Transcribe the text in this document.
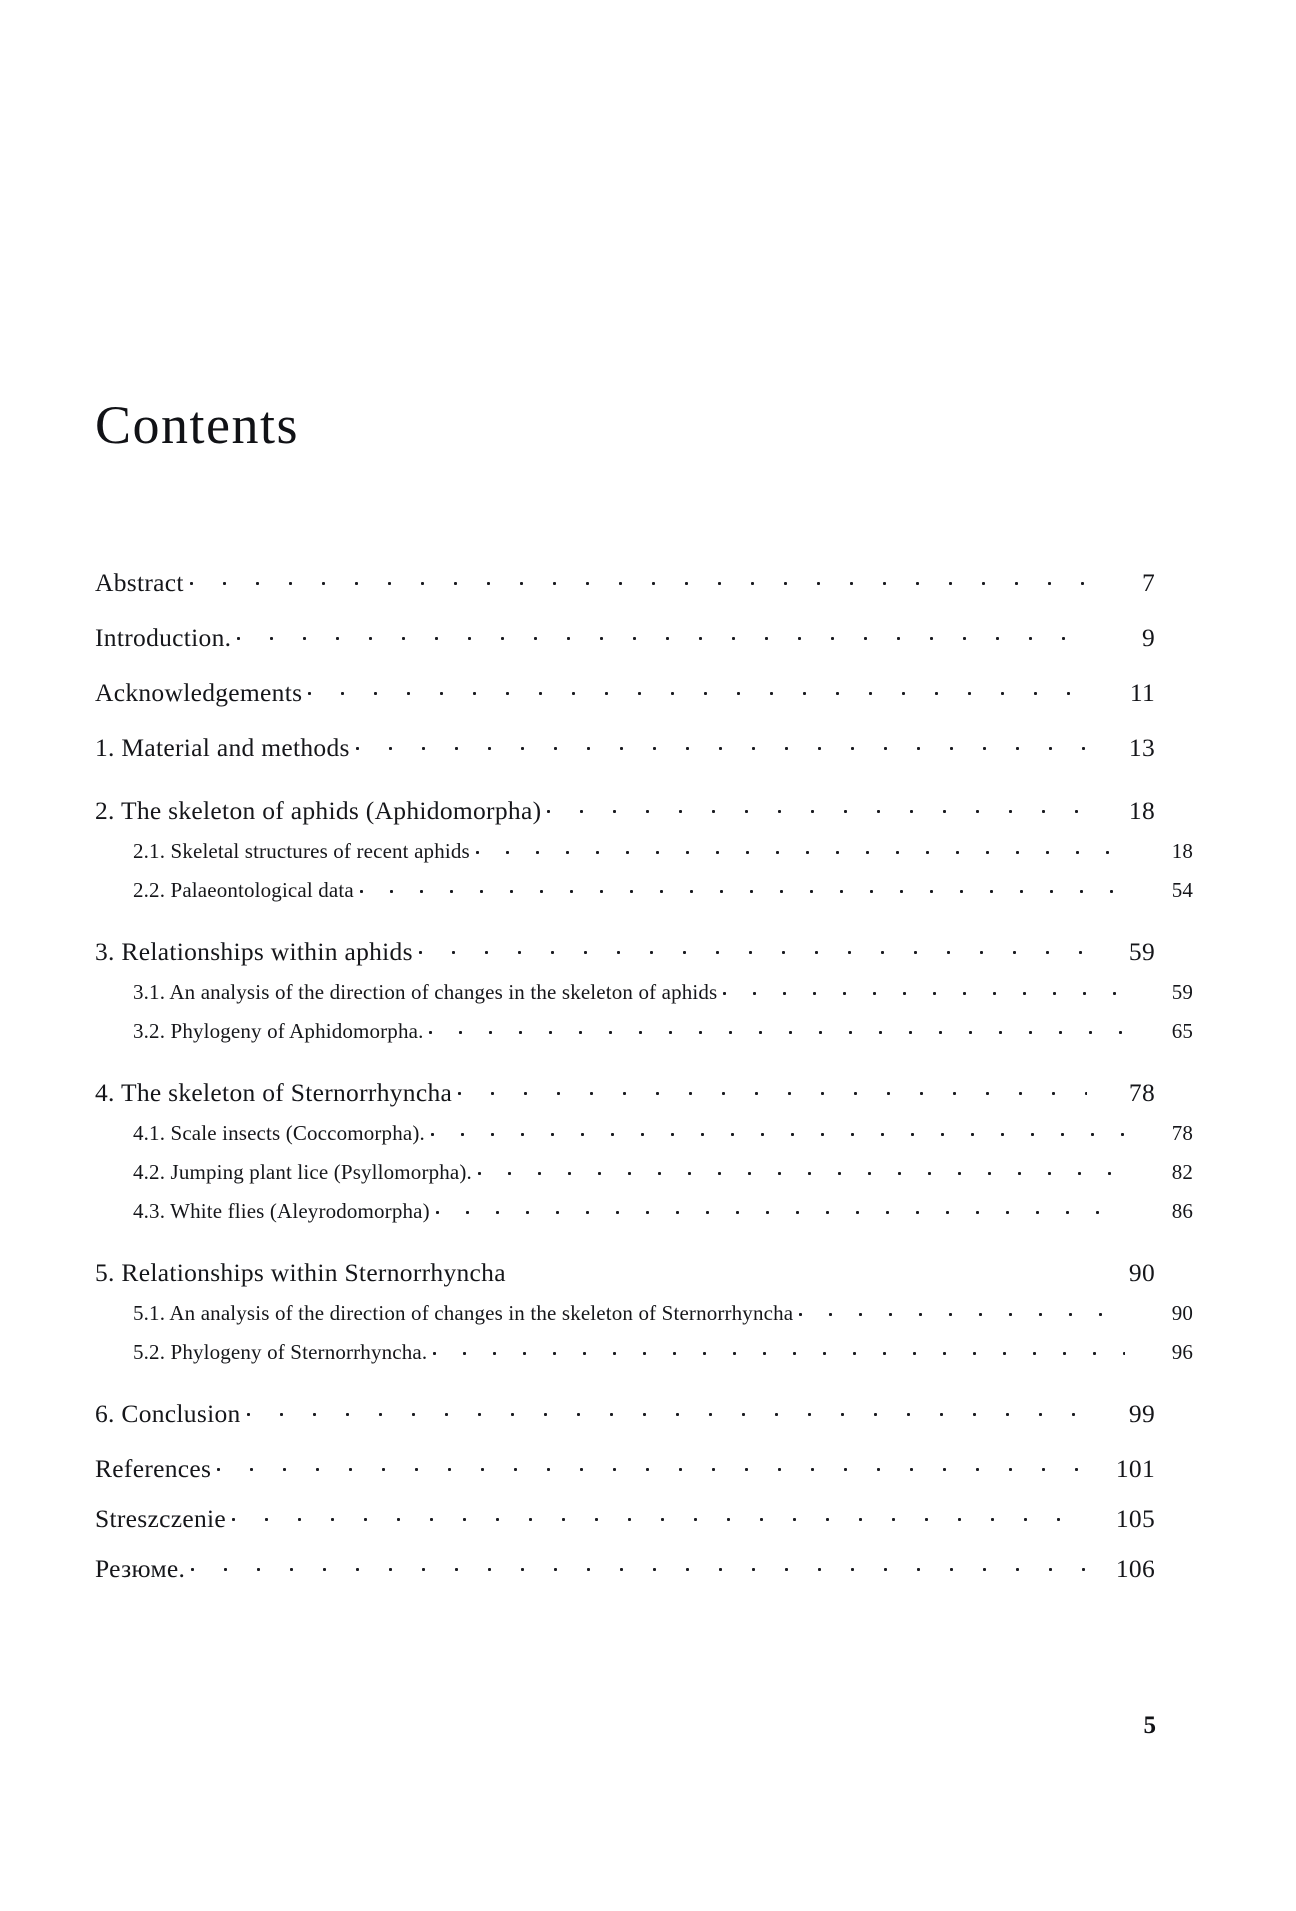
Contents
Abstract	7
Introduction.	9
Acknowledgements	11
1. Material and methods	13
2. The skeleton of aphids (Aphidomorpha)	18
2.1. Skeletal structures of recent aphids	18
2.2. Palaeontological data	54
3. Relationships within aphids	59
3.1. An analysis of the direction of changes in the skeleton of aphids	59
3.2. Phylogeny of Aphidomorpha.	65
4. The skeleton of Sternorrhyncha	78
4.1. Scale insects (Coccomorpha).	78
4.2. Jumping plant lice (Psyllomorpha).	82
4.3. White flies (Aleyrodomorpha)	86
5. Relationships within Sternorrhyncha	90
5.1. An analysis of the direction of changes in the skeleton of Sternorrhyncha	90
5.2. Phylogeny of Sternorrhyncha.	96
6. Conclusion	99
References	101
Streszczenie	105
Резюме.	106
5
